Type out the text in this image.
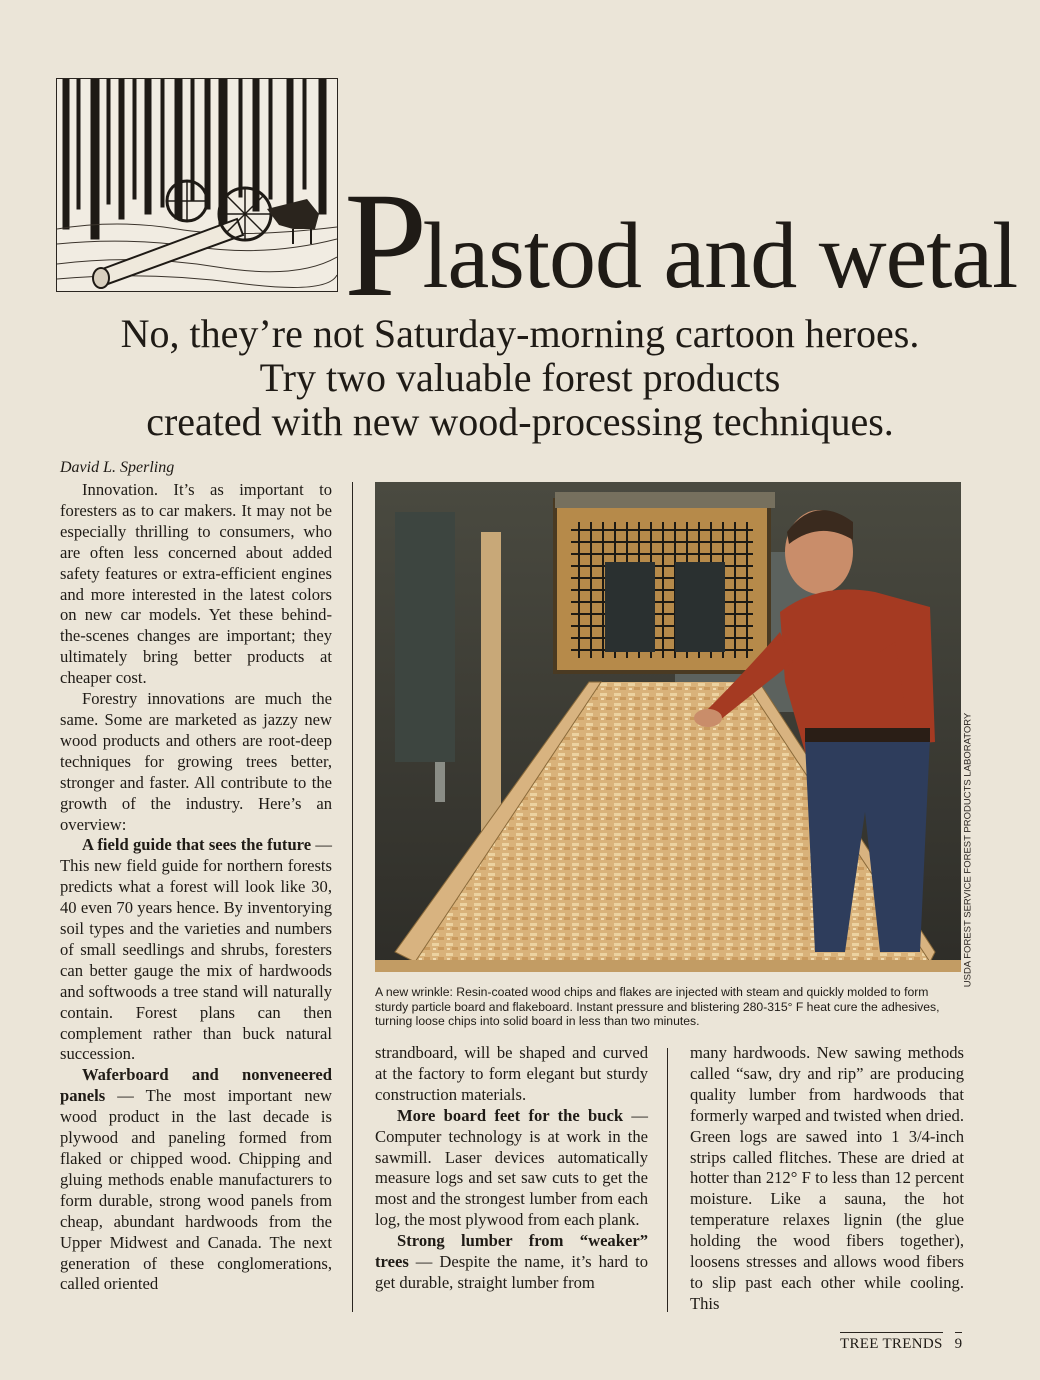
Plastod and wetal
No, they’re not Saturday-morning cartoon heroes.
Try two valuable forest products
created with new wood-processing techniques.
David L. Sperling

Innovation. It’s as important to foresters as to car makers. It may not be especially thrilling to consumers, who are often less concerned about added safety features or extra-efficient engines and more interested in the latest colors on new car models. Yet these behind-the-scenes changes are important; they ultimately bring better products at cheaper cost.

Forestry innovations are much the same. Some are marketed as jazzy new wood products and others are root-deep techniques for growing trees better, stronger and faster. All contribute to the growth of the industry. Here’s an overview:

A field guide that sees the future — This new field guide for northern forests predicts what a forest will look like 30, 40 even 70 years hence. By inventorying soil types and the varieties and numbers of small seedlings and shrubs, foresters can better gauge the mix of hardwoods and softwoods a tree stand will naturally contain. Forest plans can then complement rather than buck natural succession.

Waferboard and nonveneered panels — The most important new wood product in the last decade is plywood and paneling formed from flaked or chipped wood. Chipping and gluing methods enable manufacturers to form durable, strong wood panels from cheap, abundant hardwoods from the Upper Midwest and Canada. The next generation of these conglomerations, called oriented

USDA FOREST SERVICE FOREST PRODUCTS LABORATORY

A new wrinkle: Resin-coated wood chips and flakes are injected with steam and quickly molded to form sturdy particle board and flakeboard. Instant pressure and blistering 280-315° F heat cure the adhesives, turning loose chips into solid board in less than two minutes.

strandboard, will be shaped and curved at the factory to form elegant but sturdy construction materials.

More board feet for the buck — Computer technology is at work in the sawmill. Laser devices automatically measure logs and set saw cuts to get the most and the strongest lumber from each log, the most plywood from each plank.

Strong lumber from “weaker” trees — Despite the name, it’s hard to get durable, straight lumber from

many hardwoods. New sawing methods called “saw, dry and rip” are producing quality lumber from hardwoods that formerly warped and twisted when dried. Green logs are sawed into 1 3/4-inch strips called flitches. These are dried at hotter than 212° F to less than 12 percent moisture. Like a sauna, the hot temperature relaxes lignin (the glue holding the wood fibers together), loosens stresses and allows wood fibers to slip past each other while cooling. This

TREE TRENDS 9
